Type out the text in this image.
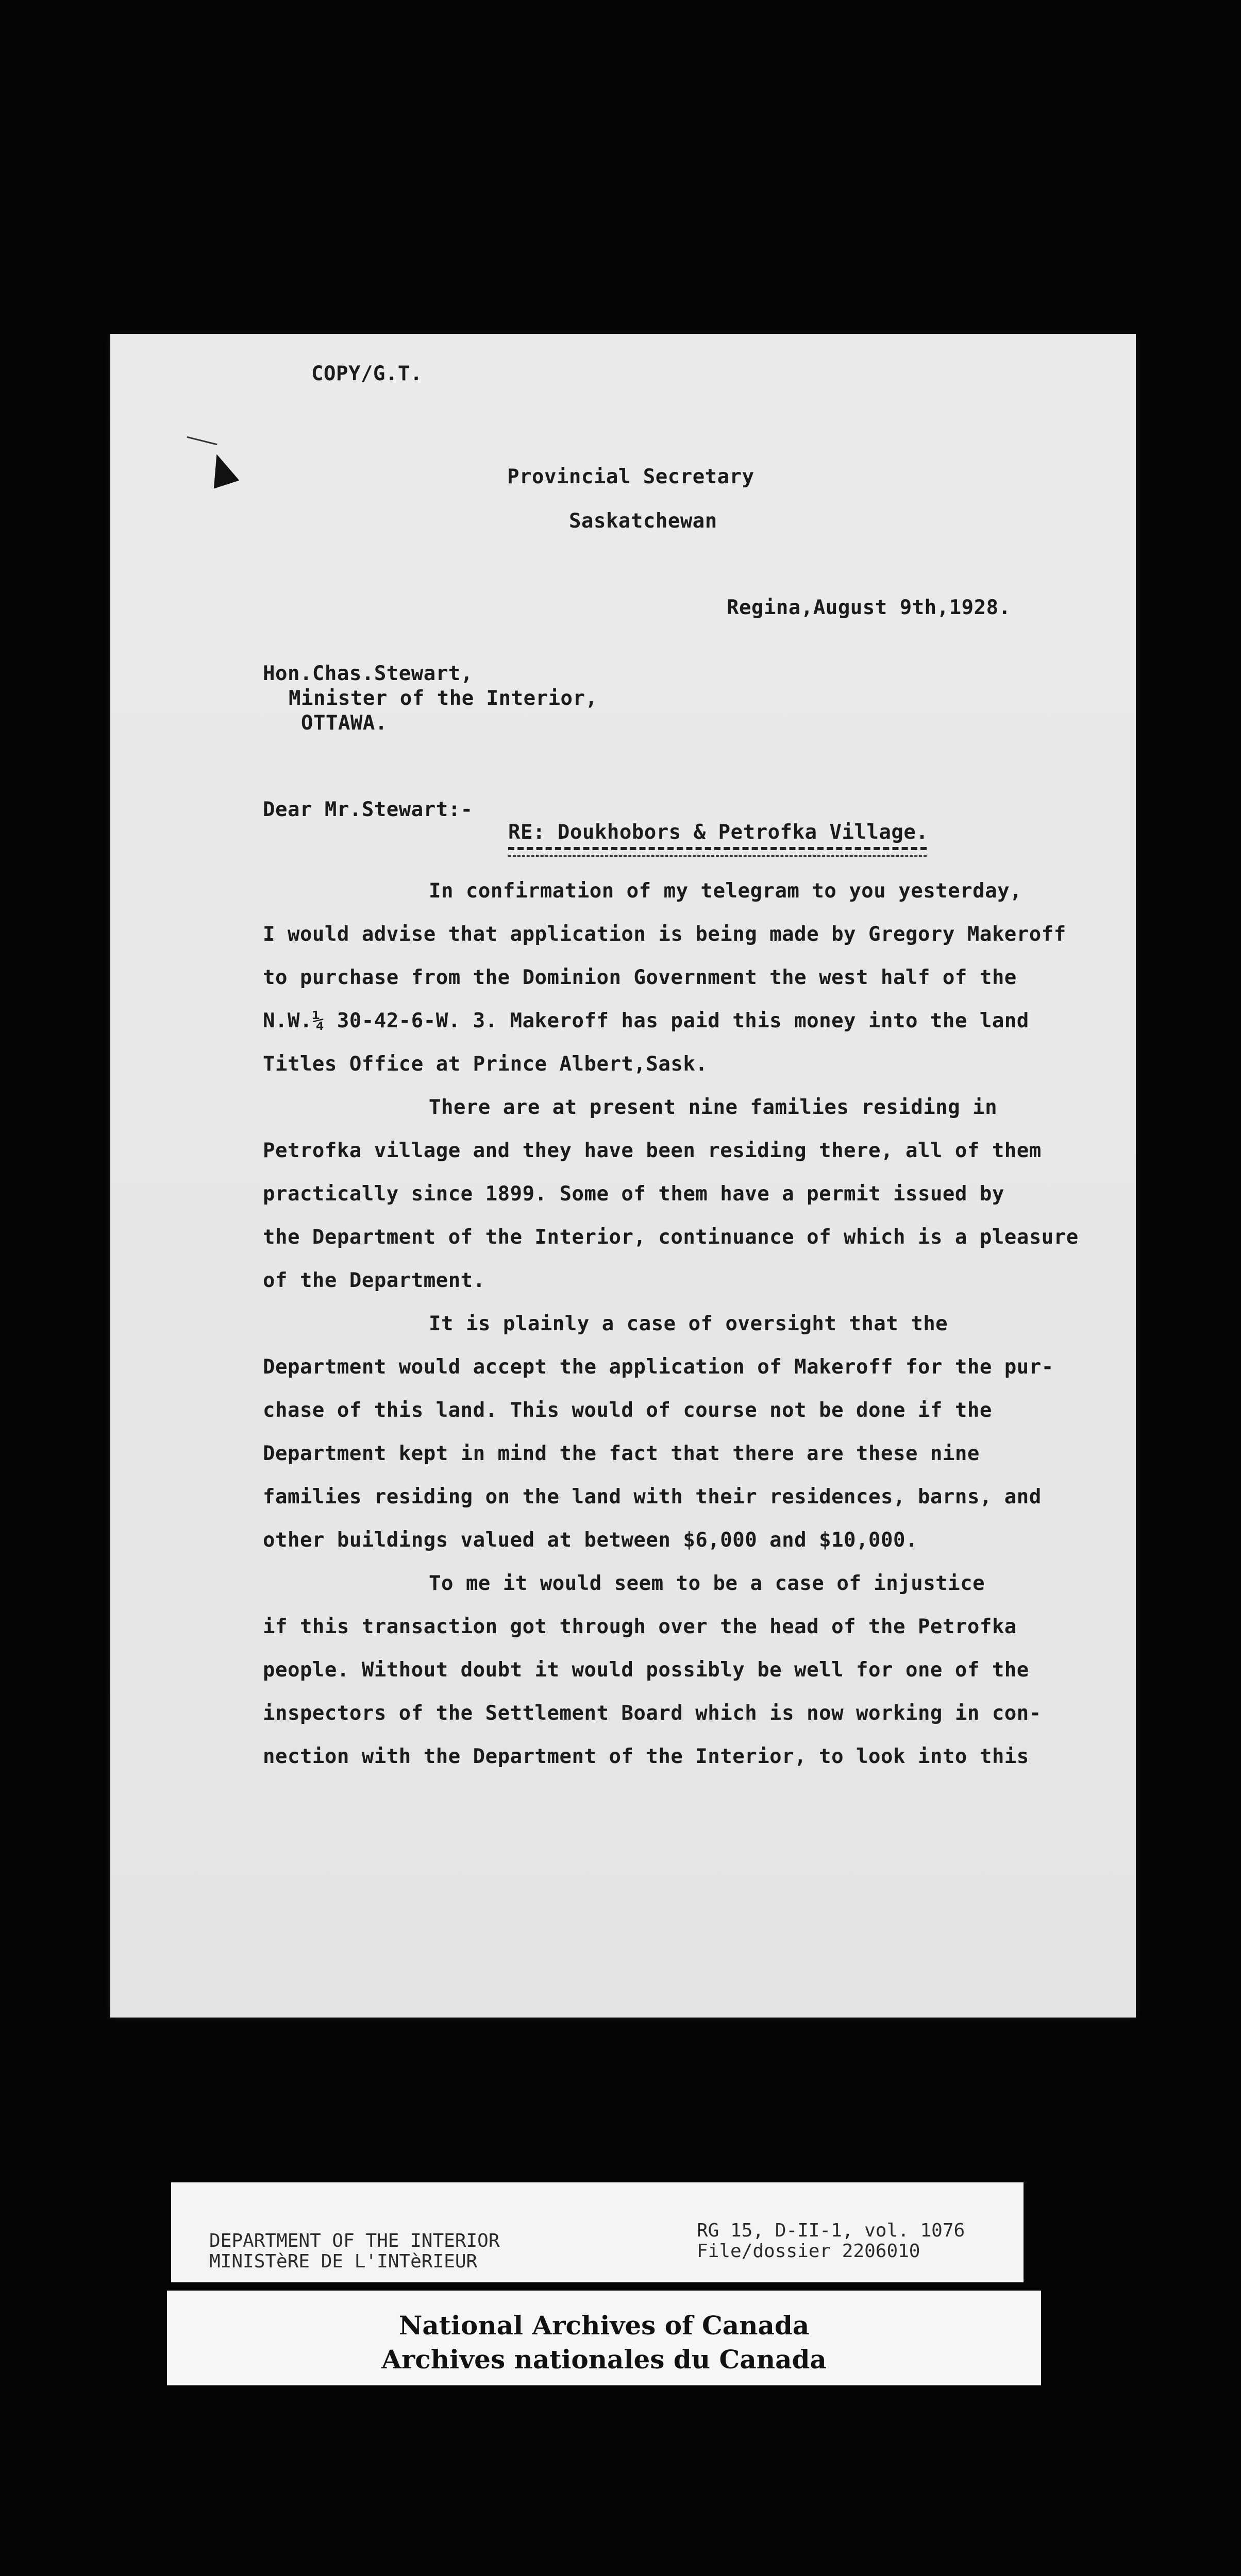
COPY/G.T.
Provincial Secretary
Saskatchewan
Regina,August 9th,1928.
Hon.Chas.Stewart,
Minister of the Interior,
OTTAWA.
Dear Mr.Stewart:-
RE: Doukhobors & Petrofka Village.
In confirmation of my telegram to you yesterday,
I would advise that application is being made by Gregory Makeroff
to purchase from the Dominion Government the west half of the
N.W.¼ 30-42-6-W. 3. Makeroff has paid this money into the land
Titles Office at Prince Albert,Sask.
There are at present nine families residing in
Petrofka village and they have been residing there, all of them
practically since 1899. Some of them have a permit issued by
the Department of the Interior, continuance of which is a pleasure
of the Department.
It is plainly a case of oversight that the
Department would accept the application of Makeroff for the pur-
chase of this land. This would of course not be done if the
Department kept in mind the fact that there are these nine
families residing on the land with their residences, barns, and
other buildings valued at between $6,000 and $10,000.
To me it would seem to be a case of injustice
if this transaction got through over the head of the Petrofka
people. Without doubt it would possibly be well for one of the
inspectors of the Settlement Board which is now working in con-
nection with the Department of the Interior, to look into this
DEPARTMENT OF THE INTERIOR
MINISTèRE DE L'INTèRIEUR
RG 15, D-II-1, vol. 1076
File/dossier 2206010
National Archives of Canada
Archives nationales du Canada
